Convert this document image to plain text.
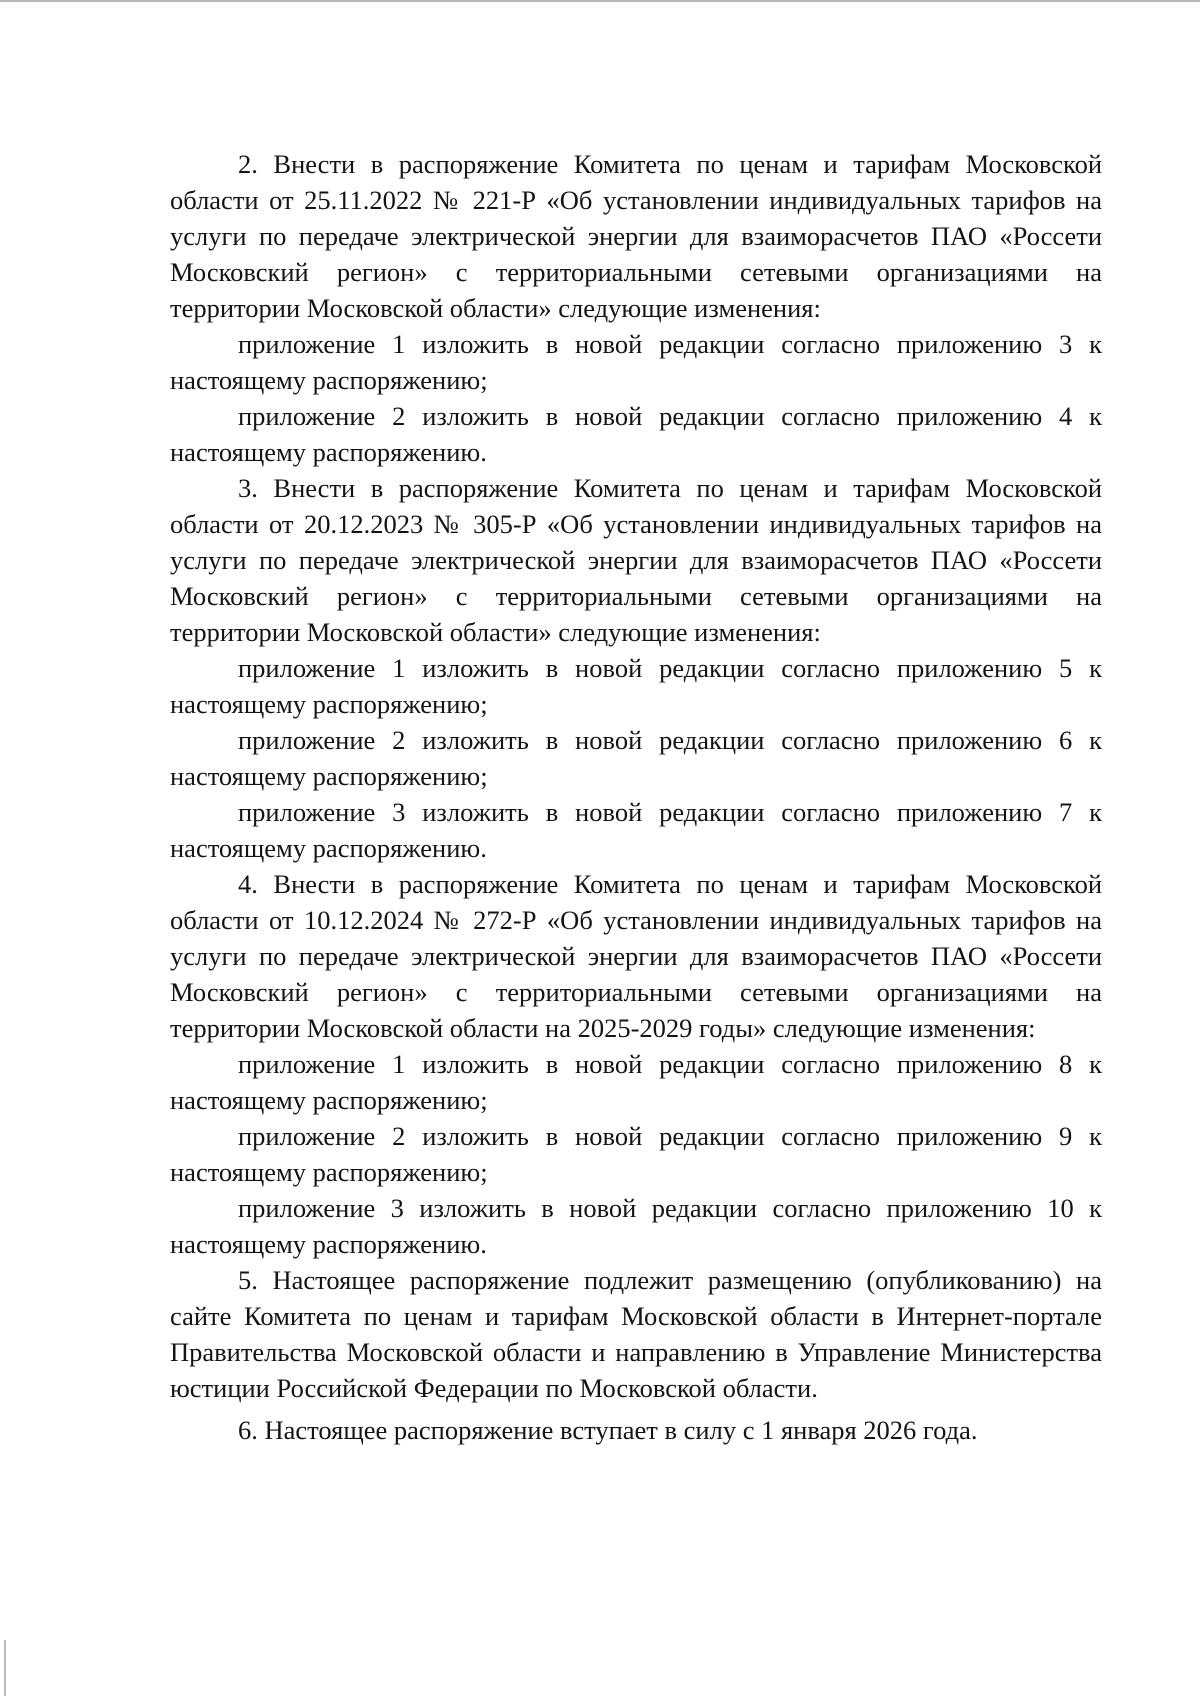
2. Внести в распоряжение Комитета по ценам и тарифам Московской области от 25.11.2022 № 221-Р «Об установлении индивидуальных тарифов на услуги по передаче электрической энергии для взаиморасчетов ПАО «Россети Московский регион» с территориальными сетевыми организациями на территории Московской области» следующие изменения:

приложение 1 изложить в новой редакции согласно приложению 3 к настоящему распоряжению;

приложение 2 изложить в новой редакции согласно приложению 4 к настоящему распоряжению.

3. Внести в распоряжение Комитета по ценам и тарифам Московской области от 20.12.2023 № 305-Р «Об установлении индивидуальных тарифов на услуги по передаче электрической энергии для взаиморасчетов ПАО «Россети Московский регион» с территориальными сетевыми организациями на территории Московской области» следующие изменения:

приложение 1 изложить в новой редакции согласно приложению 5 к настоящему распоряжению;

приложение 2 изложить в новой редакции согласно приложению 6 к настоящему распоряжению;

приложение 3 изложить в новой редакции согласно приложению 7 к настоящему распоряжению.

4. Внести в распоряжение Комитета по ценам и тарифам Московской области от 10.12.2024 № 272-Р «Об установлении индивидуальных тарифов на услуги по передаче электрической энергии для взаиморасчетов ПАО «Россети Московский регион» с территориальными сетевыми организациями на территории Московской области на 2025-2029 годы» следующие изменения:

приложение 1 изложить в новой редакции согласно приложению 8 к настоящему распоряжению;

приложение 2 изложить в новой редакции согласно приложению 9 к настоящему распоряжению;

приложение 3 изложить в новой редакции согласно приложению 10 к настоящему распоряжению.

5. Настоящее распоряжение подлежит размещению (опубликованию) на сайте Комитета по ценам и тарифам Московской области в Интернет-портале Правительства Московской области и направлению в Управление Министерства юстиции Российской Федерации по Московской области.

6. Настоящее распоряжение вступает в силу с 1 января 2026 года.
